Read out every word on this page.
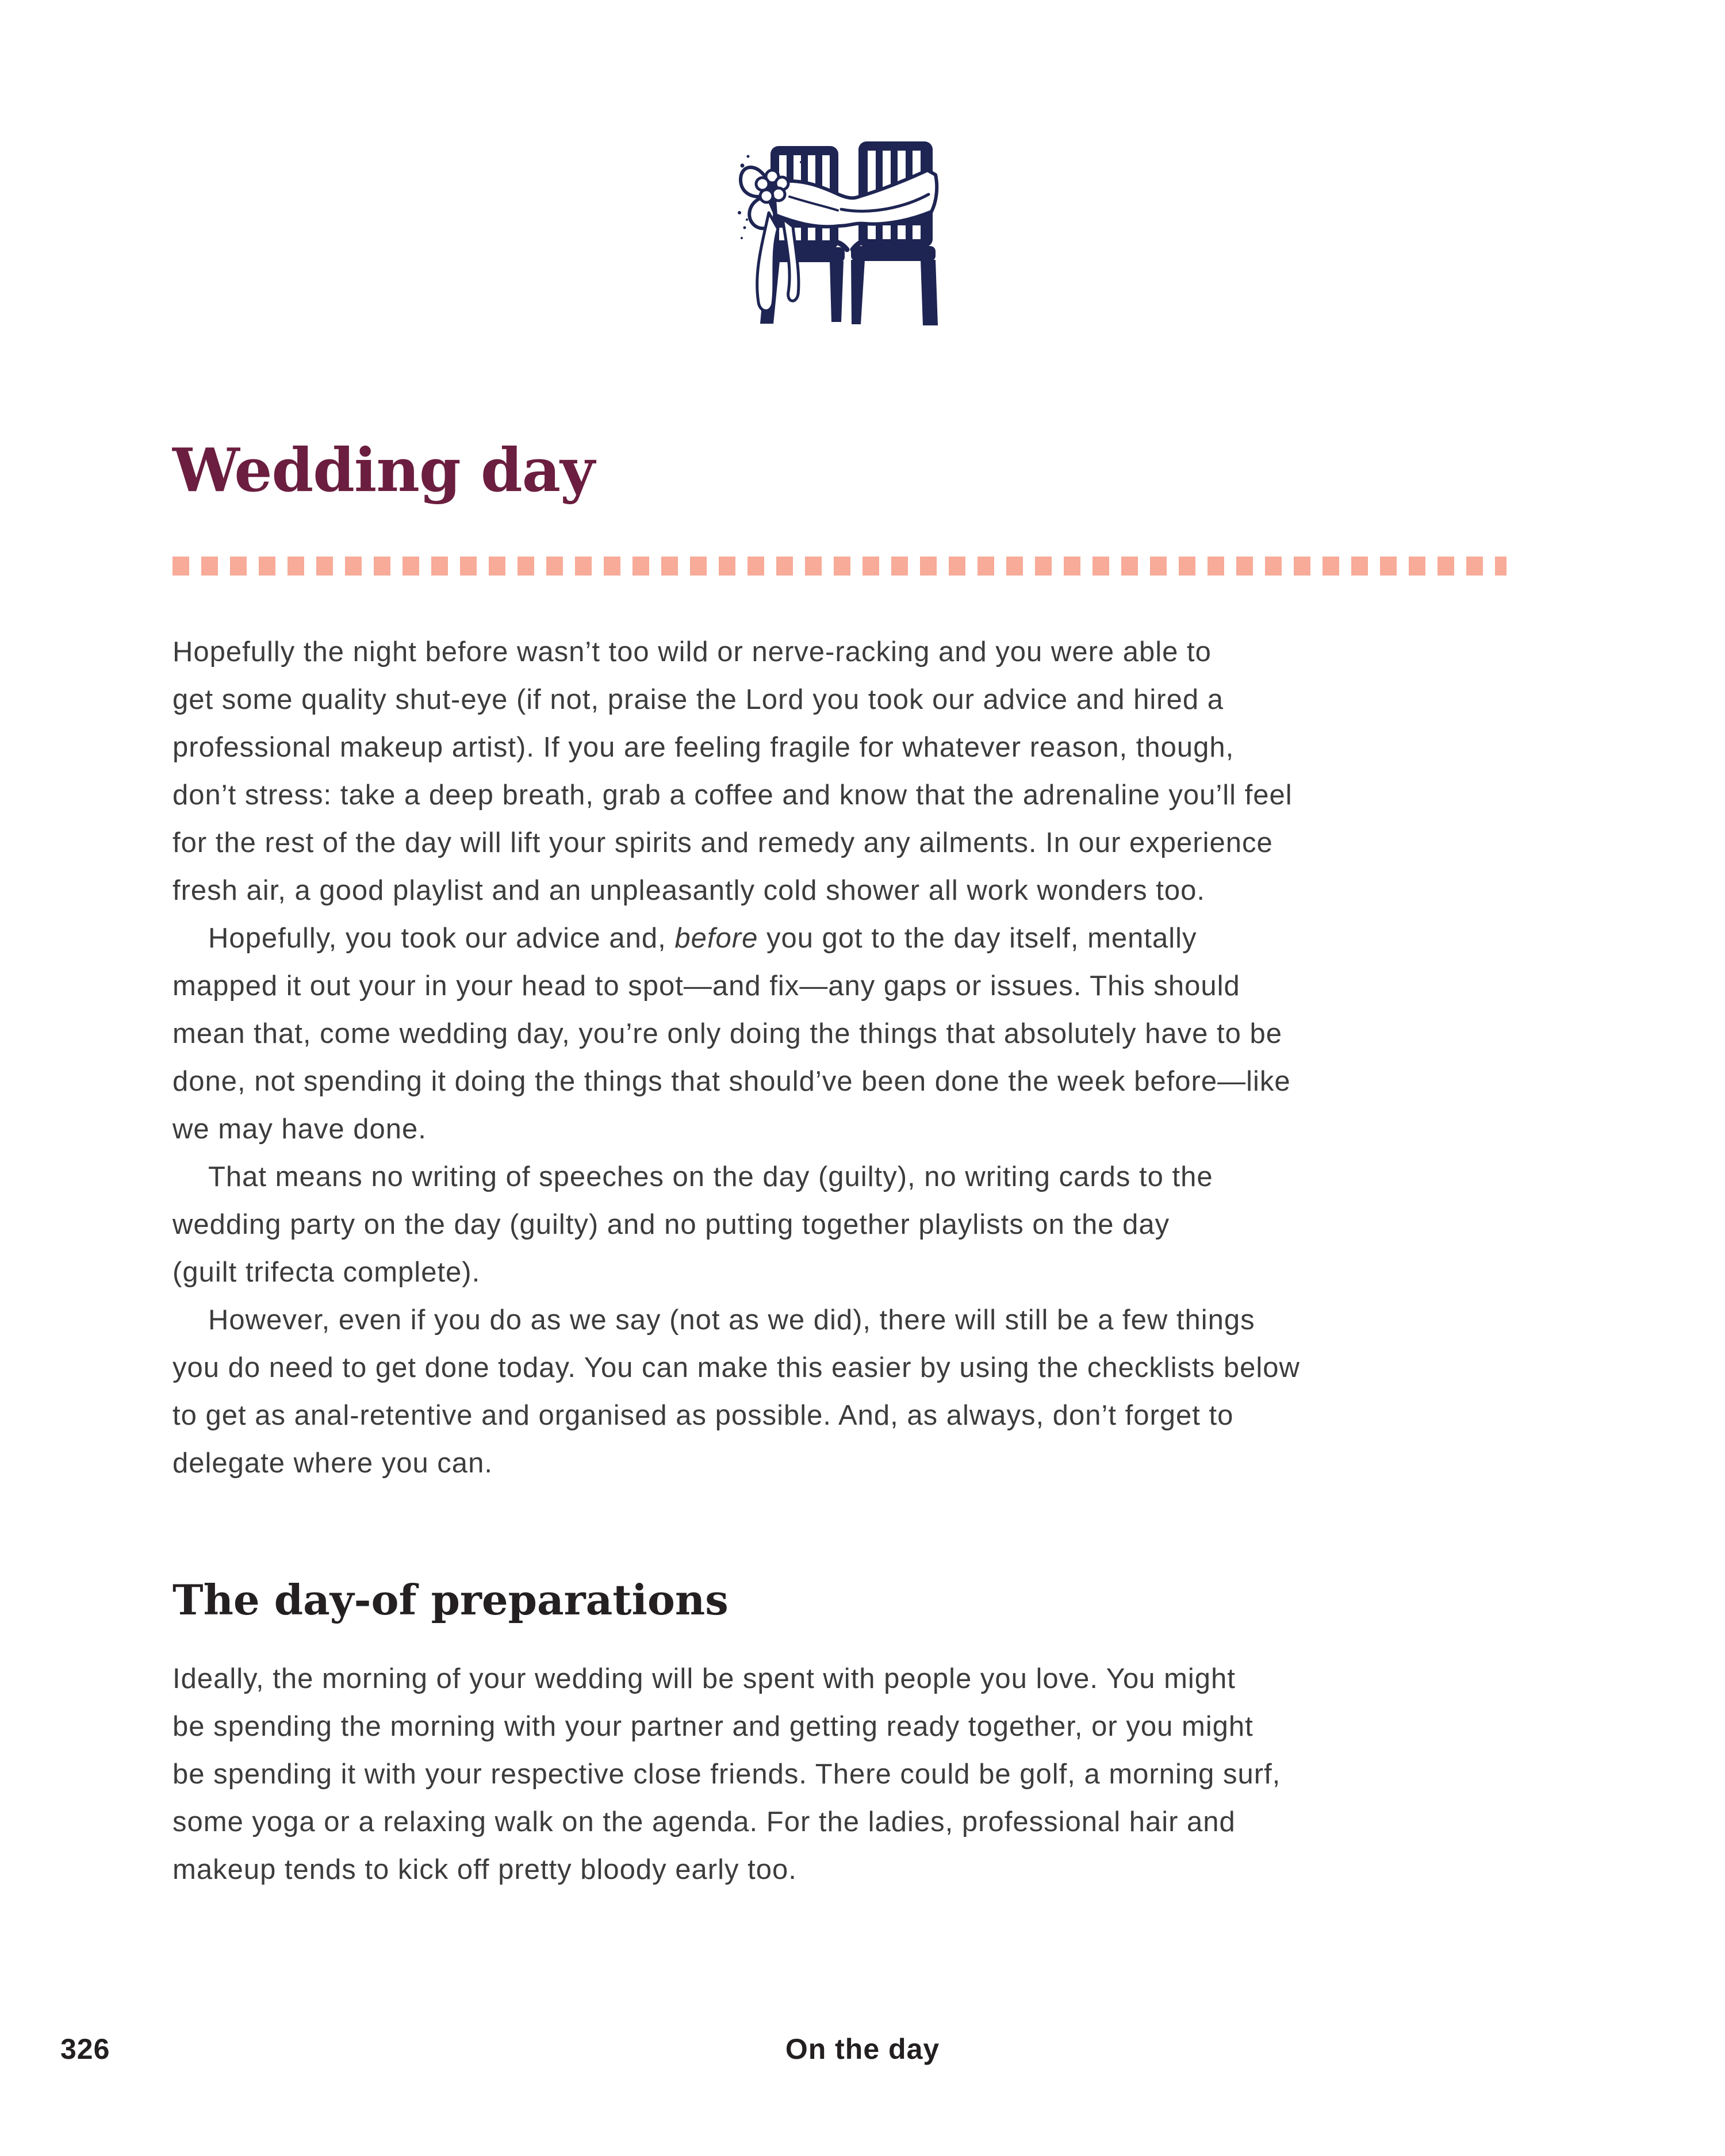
Wedding day
Hopefully the night before wasn’t too wild or nerve-racking and you were able to
get some quality shut-eye (if not, praise the Lord you took our advice and hired a
professional makeup artist). If you are feeling fragile for whatever reason, though,
don’t stress: take a deep breath, grab a coffee and know that the adrenaline you’ll feel
for the rest of the day will lift your spirits and remedy any ailments. In our experience
fresh air, a good playlist and an unpleasantly cold shower all work wonders too.
Hopefully, you took our advice and, before you got to the day itself, mentally
mapped it out your in your head to spot—and fix—any gaps or issues. This should
mean that, come wedding day, you’re only doing the things that absolutely have to be
done, not spending it doing the things that should’ve been done the week before—like
we may have done.
That means no writing of speeches on the day (guilty), no writing cards to the
wedding party on the day (guilty) and no putting together playlists on the day
(guilt trifecta complete).
However, even if you do as we say (not as we did), there will still be a few things
you do need to get done today. You can make this easier by using the checklists below
to get as anal-retentive and organised as possible. And, as always, don’t forget to
delegate where you can.
The day-of preparations
Ideally, the morning of your wedding will be spent with people you love. You might
be spending the morning with your partner and getting ready together, or you might
be spending it with your respective close friends. There could be golf, a morning surf,
some yoga or a relaxing walk on the agenda. For the ladies, professional hair and
makeup tends to kick off pretty bloody early too.
326	On the day
